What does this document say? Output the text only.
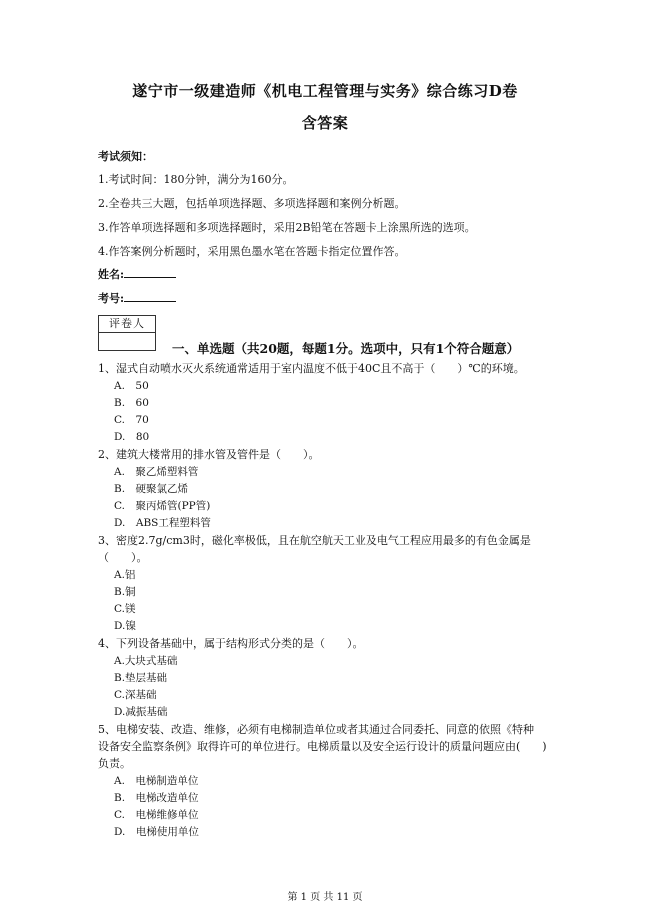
遂宁市一级建造师《机电工程管理与实务》综合练习D卷
含答案
考试须知：
1.考试时间：180分钟，满分为160分。
2.全卷共三大题，包括单项选择题、多项选择题和案例分析题。
3.作答单项选择题和多项选择题时，采用2B铅笔在答题卡上涂黑所选的选项。
4.作答案例分析题时，采用黑色墨水笔在答题卡指定位置作答。
姓名:
考号:
评卷人
一、单选题（共20题，每题1分。选项中，只有1个符合题意）
1、湿式自动喷水灭火系统通常适用于室内温度不低于40C且不高于（　　）℃的环境。
A.　50
B.　60
C.　70
D.　80
2、建筑大楼常用的排水管及管件是（　　）。
A.　聚乙烯塑料管
B.　硬聚氯乙烯
C.　聚丙烯管(PP管)
D.　ABS工程塑料管
3、密度2.7g/cm3时，磁化率极低，且在航空航天工业及电气工程应用最多的有色金属是
（　　）。
A.铝
B.铜
C.镁
D.镍
4、下列设备基础中，属于结构形式分类的是（　　）。
A.大块式基础
B.垫层基础
C.深基础
D.减振基础
5、电梯安装、改造、维修，必须有电梯制造单位或者其通过合同委托、同意的依照《特种
设备安全监察条例》取得许可的单位进行。电梯质量以及安全运行设计的质量问题应由(　　)
负责。
A.　电梯制造单位
B.　电梯改造单位
C.　电梯维修单位
D.　电梯使用单位
第 1 页 共 11 页
